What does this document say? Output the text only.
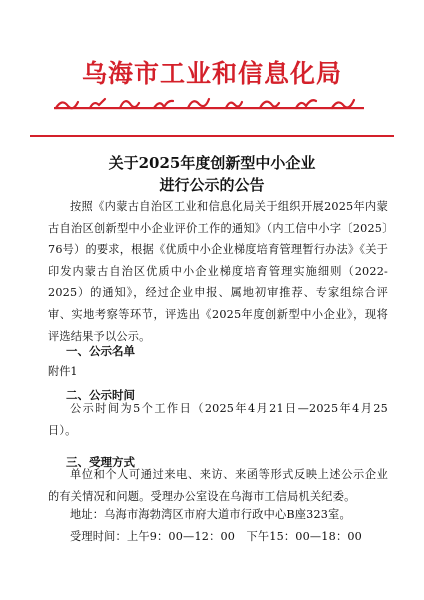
乌海市工业和信息化局
关于2025年度创新型中小企业
进行公示的公告
按照《内蒙古自治区工业和信息化局关于组织开展2025年内蒙古自治区创新型中小企业评价工作的通知》（内工信中小字〔2025〕76号）的要求，根据《优质中小企业梯度培育管理暂行办法》《关于印发内蒙古自治区优质中小企业梯度培育管理实施细则（2022-2025）的通知》，经过企业申报、属地初审推荐、专家组综合评审、实地考察等环节，评选出《2025年度创新型中小企业》，现将评选结果予以公示。
一、公示名单
附件1
二、公示时间
公示时间为5个工作日（2025年4月21日—2025年4月25日）。
三、受理方式
单位和个人可通过来电、来访、来函等形式反映上述公示企业的有关情况和问题。受理办公室设在乌海市工信局机关纪委。
地址：乌海市海勃湾区市府大道市行政中心B座323室。
受理时间：上午9：00—12：00　下午15：00—18：00
